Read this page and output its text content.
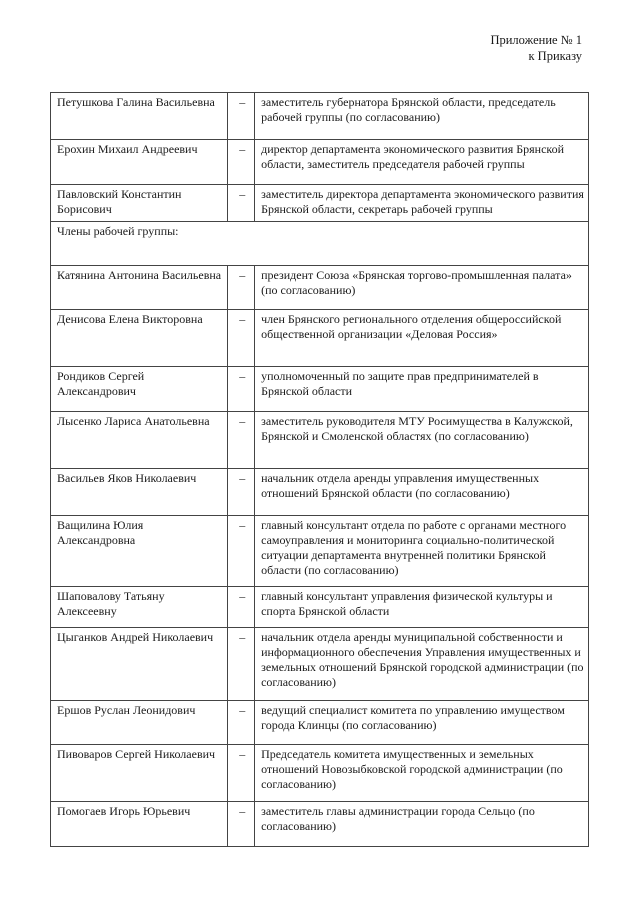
Приложение № 1
к Приказу
Петушкова Галина Васильевна	–	заместитель губернатора Брянской области, председатель рабочей группы (по согласованию)
Ерохин Михаил Андреевич	–	директор департамента экономического развития Брянской области, заместитель председателя рабочей группы
Павловский Константин Борисович	–	заместитель директора департамента экономического развития Брянской области, секретарь рабочей группы
Члены рабочей группы:		
Катянина Антонина Васильевна	–	президент Союза «Брянская торгово-промышленная палата» (по согласованию)
Денисова Елена Викторовна	–	член Брянского регионального отделения общероссийской общественной организации «Деловая Россия»
Рондиков Сергей Александрович	–	уполномоченный по защите прав предпринимателей в Брянской области
Лысенко Лариса Анатольевна	–	заместитель руководителя МТУ Росимущества в Калужской, Брянской и Смоленской областях (по согласованию)
Васильев Яков Николаевич	–	начальник отдела аренды управления имущественных отношений Брянской области (по согласованию)
Ващилина Юлия Александровна	–	главный консультант отдела по работе с органами местного самоуправления и мониторинга социально-политической ситуации департамента внутренней политики Брянской области (по согласованию)
Шаповалову Татьяну Алексеевну	–	главный консультант управления физической культуры и спорта Брянской области
Цыганков Андрей Николаевич	–	начальник отдела аренды муниципальной собственности и информационного обеспечения Управления имущественных и земельных отношений Брянской городской администрации (по согласованию)
Ершов Руслан Леонидович	–	ведущий специалист комитета по управлению имуществом города Клинцы (по согласованию)
Пивоваров Сергей Николаевич	–	Председатель комитета имущественных и земельных отношений Новозыбковской городской администрации (по согласованию)
Помогаев Игорь Юрьевич	–	заместитель главы администрации города Сельцо (по согласованию)
